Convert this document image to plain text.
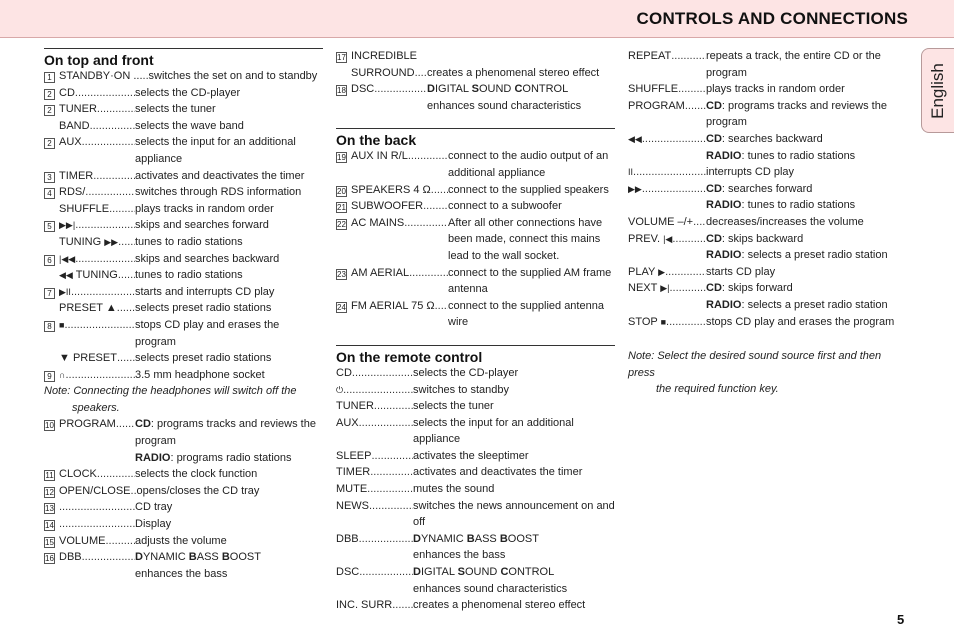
CONTROLS AND CONNECTIONS
English
On top and front
1 STANDBY·ON ... ..... switches the set on and to standby
2 CD .....	selects the CD-player
2 TUNER .....	selects the tuner
BAND .....	selects the wave band
2 AUX .....	selects the input for an additional
appliance
3 TIMER .....	activates and deactivates the timer
4 RDS/ .....	switches through RDS information
SHUFFLE ..... plays tracks in random order
5 ▶▶| .....	skips and searches forward
TUNING ▶▶ ..... tunes to radio stations
6 |◀◀ .....	skips and searches backward
◀◀ TUNING ..... tunes to radio stations
7 ▶II .....	starts and interrupts CD play
PRESET ▲ ..... selects preset radio stations
8 ■ .....	stops CD play and erases the program
▼ PRESET ..... selects preset radio stations
9 ∩ .....	3.5 mm headphone socket
Note: Connecting the headphones will switch off the
speakers.
10 PROGRAM ..... CD: programs tracks and reviews the
program
RADIO : programs radio stations
11 CLOCK .....	selects the clock function
12 OPEN/CLOSE ..... opens/closes the CD tray
13 .....	CD tray
14 .....	Display
15 VOLUME .....	adjusts the volume
16 DBB .....	DYNAMIC BASS BOOST
enhances the bass
17 INCREDIBLE
SURROUND ..... creates a phenomenal stereo effect
18 DSC .....	DIGITAL SOUND CONTROL
enhances sound characteristics
On the back
19 AUX IN R/L .....	connect to the audio output of an
additional appliance
20 SPEAKERS 4 Ω ..... connect to the supplied speakers
21 SUBWOOFER ..... connect to a subwoofer
22 AC MAINS .....	After all other connections have
been made, connect this mains
lead to the wall socket.
23 AM AERIAL .....	connect to the supplied AM frame
antenna
24 FM AERIAL 75 Ω ..... connect to the supplied antenna wire
On the remote control
CD .....	selects the CD-player
⏻ .....	switches to standby
TUNER .....	selects the tuner
AUX .....	selects the input for an additional appliance
SLEEP .....	activates the sleeptimer
TIMER .....	activates and deactivates the timer
MUTE .....	mutes the sound
NEWS .....	switches the news announcement on and off
DBB .....	DYNAMIC BASS BOOST
enhances the bass
DSC .....	DIGITAL SOUND CONTROL
enhances sound characteristics
INC. SURR. ..... creates a phenomenal stereo effect
REPEAT .....	repeats a track, the entire CD or the program
SHUFFLE .....	plays tracks in random order
PROGRAM ..... CD: programs tracks and reviews the program
◀◀ .....	CD: searches backward
RADIO : tunes to radio stations
II .....	interrupts CD play
▶▶ .....	CD: searches forward
RADIO : tunes to radio stations
VOLUME –/+ ..... decreases/increases the volume
PREV. |◀ .....	CD: skips backward
RADIO : selects a preset radio station
PLAY ▶ .....	starts CD play
NEXT ▶| .....	CD: skips forward
RADIO : selects a preset radio station
STOP ■ .....	stops CD play and erases the program
Note: Select the desired sound source first and then press
the required function key.
5
